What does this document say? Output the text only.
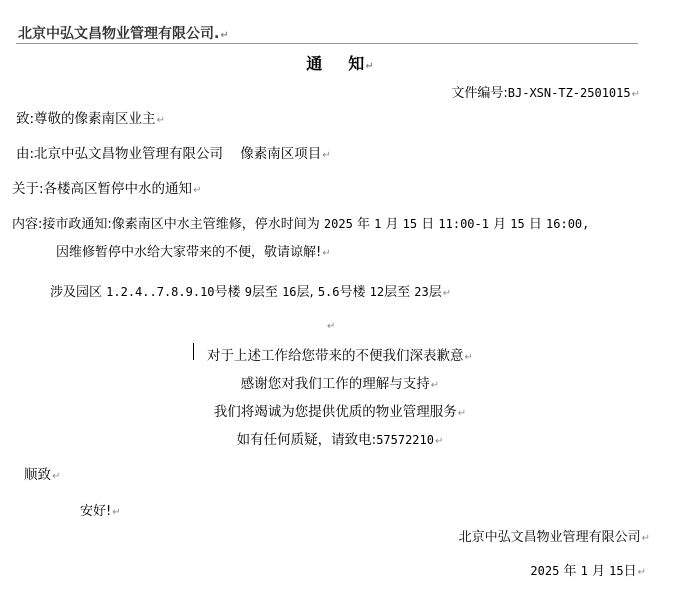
北京中弘文昌物业管理有限公司.↵
通 知↵
文件编号:BJ-XSN-TZ-2501015↵
致:尊敬的像素南区业主↵
由:北京中弘文昌物业管理有限公司    像素南区项目↵
关于:各楼高区暂停中水的通知↵
内容:接市政通知:像素南区中水主管维修，停水时间为 2025 年 1 月 15 日 11:00-1 月 15 日 16:00,
因维修暂停中水给大家带来的不便，敬请谅解!↵
涉及园区 1.2.4..7.8.9.10号楼 9层至 16层, 5.6号楼 12层至 23层↵
↵
对于上述工作给您带来的不便我们深表歉意↵
感谢您对我们工作的理解与支持↵
我们将竭诚为您提供优质的物业管理服务↵
如有任何质疑，请致电:57572210↵
顺致↵
安好!↵
北京中弘文昌物业管理有限公司↵
2025 年 1 月 15日↵
